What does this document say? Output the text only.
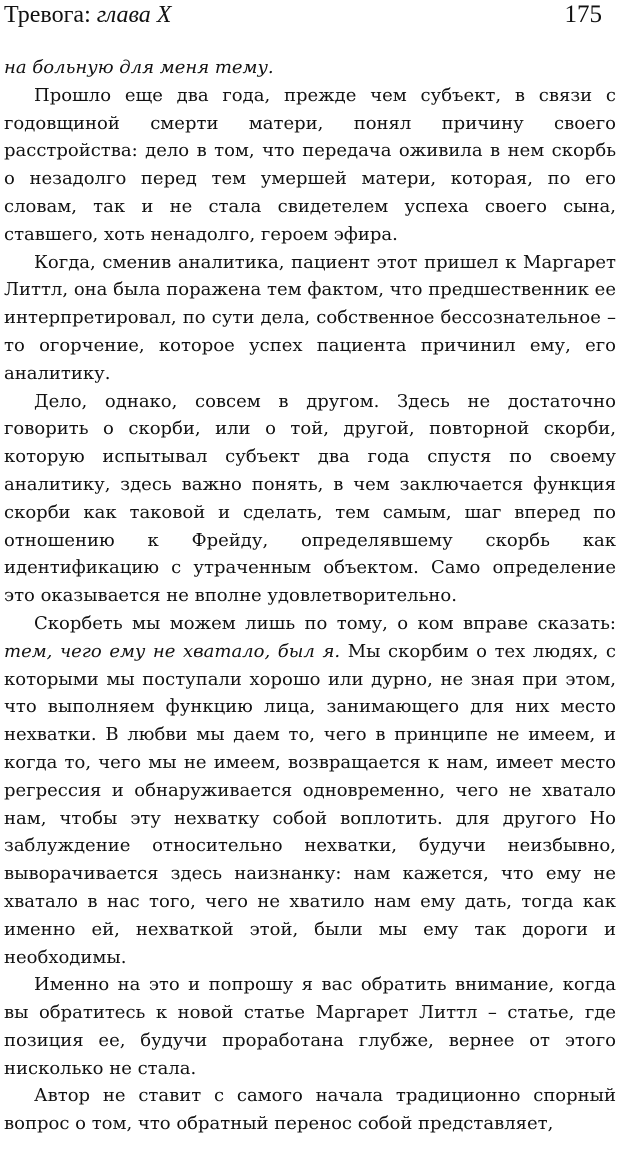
Тревога: глава X	175

на больную для меня тему.

Прошло еще два года, прежде чем субъект, в связи с годовщиной смерти матери, понял причину своего расстройства: дело в том, что передача оживила в нем скорбь о незадолго перед тем умершей матери, которая, по его словам, так и не стала свидетелем успеха своего сына, ставшего, хоть ненадолго, героем эфира.

Когда, сменив аналитика, пациент этот пришел к Маргарет Литтл, она была поражена тем фактом, что предшественник ее интерпретировал, по сути дела, собственное бессознательное – то огорчение, которое успех пациента причинил ему, его аналитику.

Дело, однако, совсем в другом. Здесь не достаточно говорить о скорби, или о той, другой, повторной скорби, которую испытывал субъект два года спустя по своему аналитику, здесь важно понять, в чем заключается функция скорби как таковой и сделать, тем самым, шаг вперед по отношению к Фрейду, определявшему скорбь как идентификацию с утраченным объектом. Само определение это оказывается не вполне удовлетворительно.

Скорбеть мы можем лишь по тому, о ком вправе сказать: тем, чего ему не хватало, был я. Мы скорбим о тех людях, с которыми мы поступали хорошо или дурно, не зная при этом, что выполняем функцию лица, занимающего для них место нехватки. В любви мы даем то, чего в принципе не имеем, и когда то, чего мы не имеем, возвращается к нам, имеет место регрессия и обнаруживается одновременно, чего не хватало нам, чтобы эту нехватку собой воплотить. для другого Но заблуждение относительно нехватки, будучи неизбывно, выворачивается здесь наизнанку: нам кажется, что ему не хватало в нас того, чего не хватило нам ему дать, тогда как именно ей, нехваткой этой, были мы ему так дороги и необходимы.

Именно на это и попрошу я вас обратить внимание, когда вы обратитесь к новой статье Маргарет Литтл – статье, где позиция ее, будучи проработана глубже, вернее от этого нисколько не стала.

Автор не ставит с самого начала традиционно спорный вопрос о том, что обратный перенос собой представляет,
